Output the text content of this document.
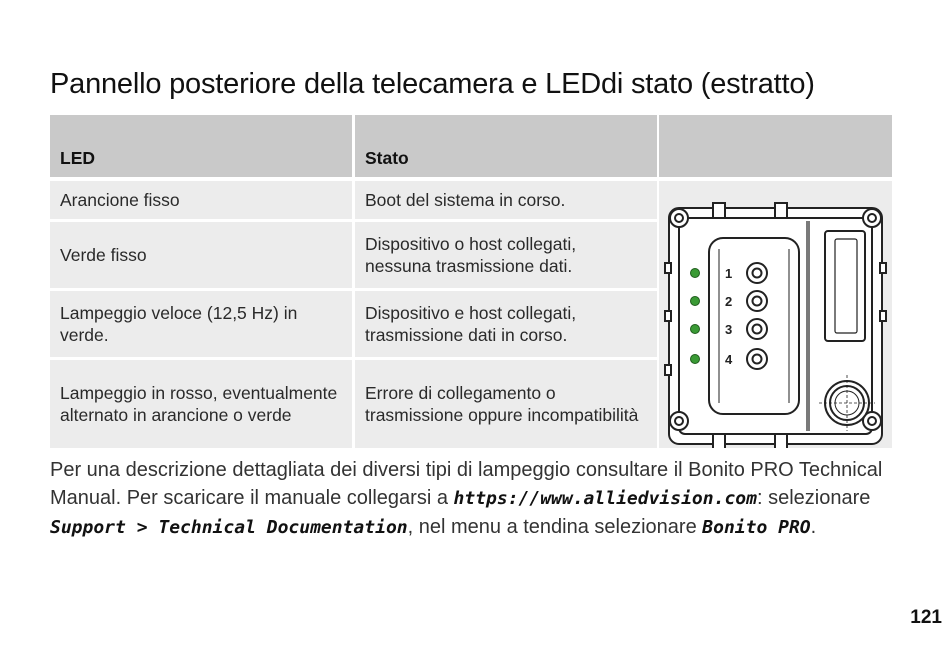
Pannello posteriore della telecamera e LEDdi stato (estratto)
LED	Stato
Arancione fisso	Boot del sistema in corso.
Verde fisso
Dispositivo o host collegati, nessuna trasmissione dati.
Lampeggio veloce (12,5 Hz) in verde.
Dispositivo e host collegati, trasmissione dati in corso.
Lampeggio in rosso, eventualmente alternato in arancione o verde
Errore di collegamento o trasmissione oppure incompatibilità
1
2
3
4
Per una descrizione dettagliata dei diversi tipi di lampeggio consultare il Bonito PRO Technical Manual. Per scaricare il manuale collegarsi a https://www.alliedvision.com: selezionare Support > Technical Documentation, nel menu a tendina selezionare Bonito PRO.
121
